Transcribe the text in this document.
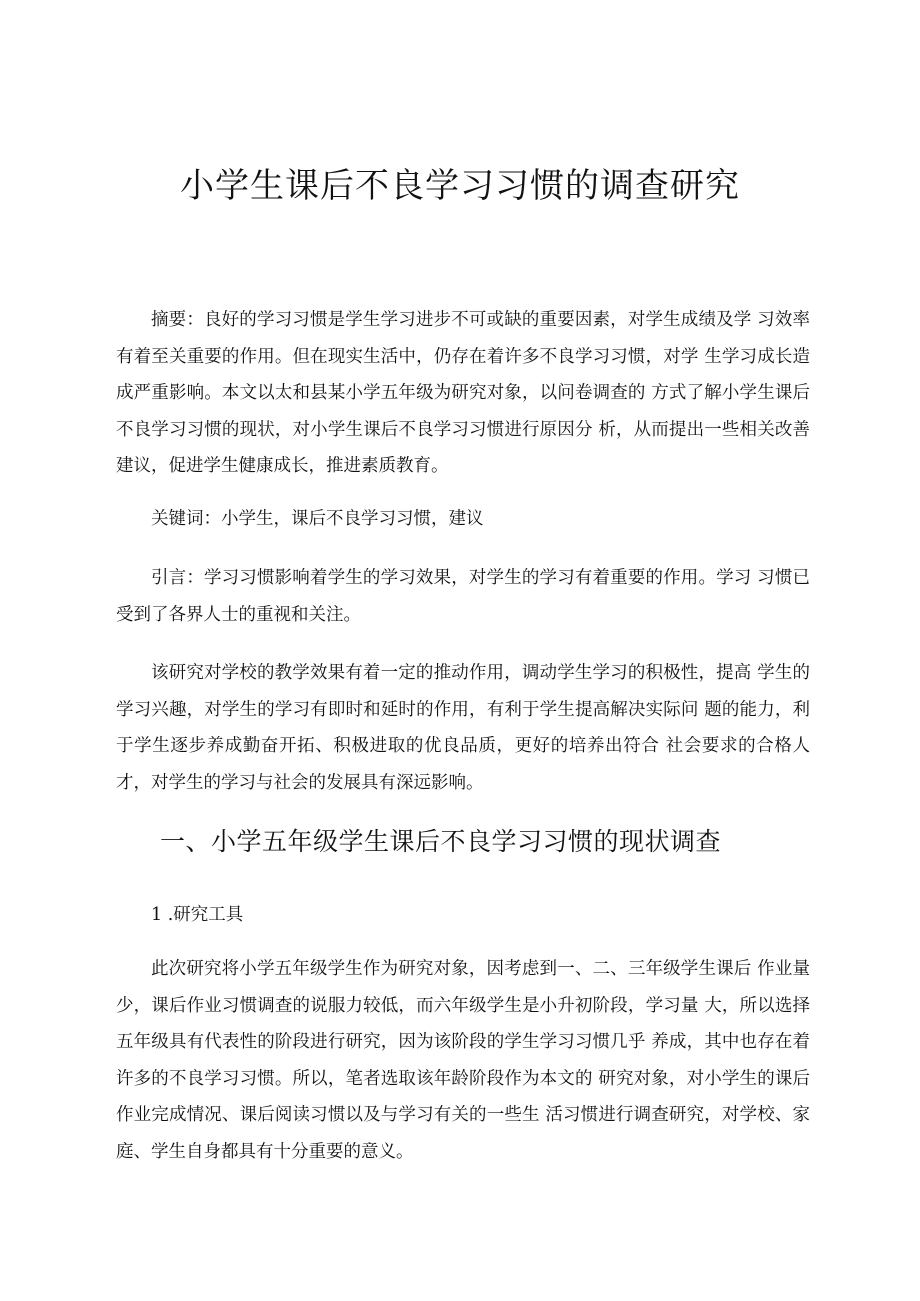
小学生课后不良学习习惯的调查研究

摘要：良好的学习习惯是学生学习进步不可或缺的重要因素，对学生成绩及学 习效率有着至关重要的作用。但在现实生活中，仍存在着许多不良学习习惯，对学 生学习成长造成严重影响。本文以太和县某小学五年级为研究对象，以问卷调查的 方式了解小学生课后不良学习习惯的现状，对小学生课后不良学习习惯进行原因分 析，从而提出一些相关改善建议，促进学生健康成长，推进素质教育。

关键词：小学生，课后不良学习习惯，建议

引言：学习习惯影响着学生的学习效果，对学生的学习有着重要的作用。学习 习惯已受到了各界人士的重视和关注。

该研究对学校的教学效果有着一定的推动作用，调动学生学习的积极性，提高 学生的学习兴趣，对学生的学习有即时和延时的作用，有利于学生提高解决实际问 题的能力，利于学生逐步养成勤奋开拓、积极进取的优良品质，更好的培养出符合 社会要求的合格人才，对学生的学习与社会的发展具有深远影响。

一、小学五年级学生课后不良学习习惯的现状调查
1 .研究工具

此次研究将小学五年级学生作为研究对象，因考虑到一、二、三年级学生课后 作业量少，课后作业习惯调查的说服力较低，而六年级学生是小升初阶段，学习量 大，所以选择五年级具有代表性的阶段进行研究，因为该阶段的学生学习习惯几乎 养成，其中也存在着许多的不良学习习惯。所以，笔者选取该年龄阶段作为本文的 研究对象，对小学生的课后作业完成情况、课后阅读习惯以及与学习有关的一些生 活习惯进行调查研究，对学校、家庭、学生自身都具有十分重要的意义。
